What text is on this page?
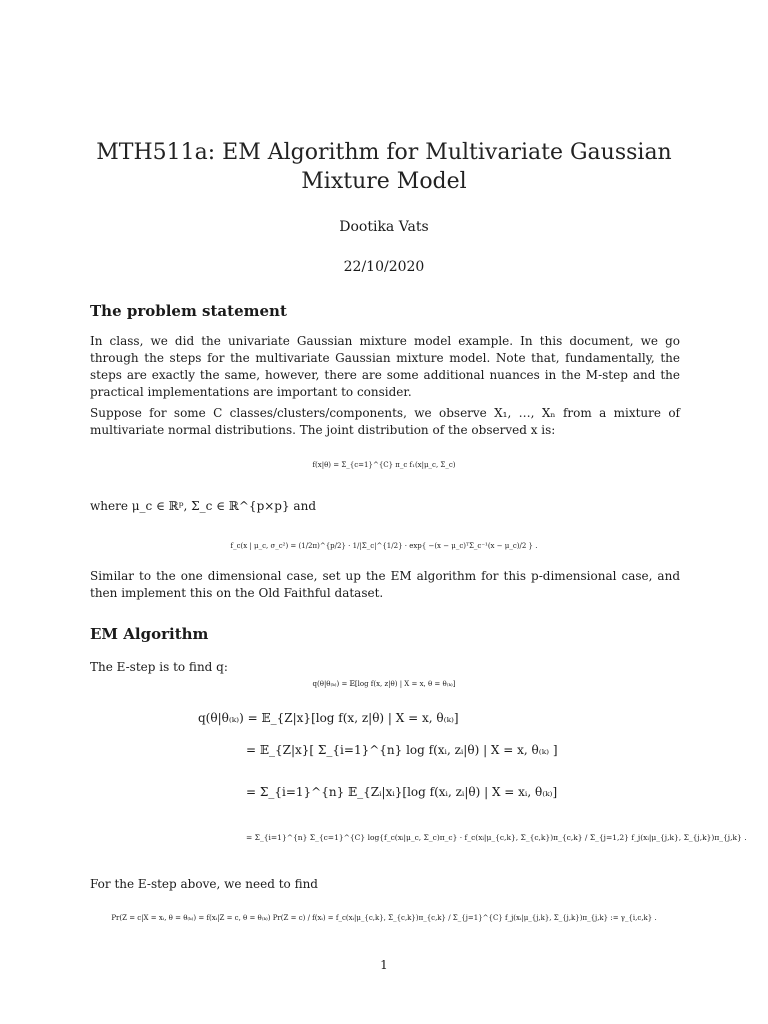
MTH511a: EM Algorithm for Multivariate Gaussian Mixture Model
Dootika Vats
22/10/2020
The problem statement
In class, we did the univariate Gaussian mixture model example. In this document, we go through the steps for the multivariate Gaussian mixture model. Note that, fundamentally, the steps are exactly the same, however, there are some additional nuances in the M-step and the practical implementations are important to consider.
Suppose for some C classes/clusters/components, we observe X₁, …, Xₙ from a mixture of multivariate normal distributions. The joint distribution of the observed x is:
f(x|θ) = Σ_{c=1}^{C} π_c f₁(x|μ_c, Σ_c)
where μ_c ∈ ℝᵖ, Σ_c ∈ ℝ^{p×p} and
f_c(x | μ_c, σ_c²) = (1/2π)^{p/2} · 1/|Σ_c|^{1/2} · exp{ −(x − μ_c)ᵀΣ_c⁻¹(x − μ_c)/2 } .
Similar to the one dimensional case, set up the EM algorithm for this p-dimensional case, and then implement this on the Old Faithful dataset.
EM Algorithm
The E-step is to find q:
q(θ|θ₍ₖ₎) = 𝔼[log f(x, z|θ) | X = x, θ = θ₍ₖ₎]
q(θ|θ₍ₖ₎) = 𝔼_{Z|x}[log f(x, z|θ) | X = x, θ₍ₖ₎]
= 𝔼_{Z|x}[ Σ_{i=1}^{n} log f(xᵢ, zᵢ|θ) | X = x, θ₍ₖ₎ ]
= Σ_{i=1}^{n} 𝔼_{Zᵢ|xᵢ}[log f(xᵢ, zᵢ|θ) | X = xᵢ, θ₍ₖ₎]
= Σ_{i=1}^{n} Σ_{c=1}^{C} log{f_c(xᵢ|μ_c, Σ_c)π_c} · f_c(xᵢ|μ_{c,k}, Σ_{c,k})π_{c,k} / Σ_{j=1,2} f_j(xᵢ|μ_{j,k}, Σ_{j,k})π_{j,k} .
For the E-step above, we need to find
Pr(Z = c|X = xᵢ, θ = θ₍ₖ₎) = f(xᵢ|Z = c, θ = θ₍ₖ₎) Pr(Z = c) / f(xᵢ) = f_c(xᵢ|μ_{c,k}, Σ_{c,k})π_{c,k} / Σ_{j=1}^{C} f_j(xᵢ|μ_{j,k}, Σ_{j,k})π_{j,k} := γ_{i,c,k} .
1
